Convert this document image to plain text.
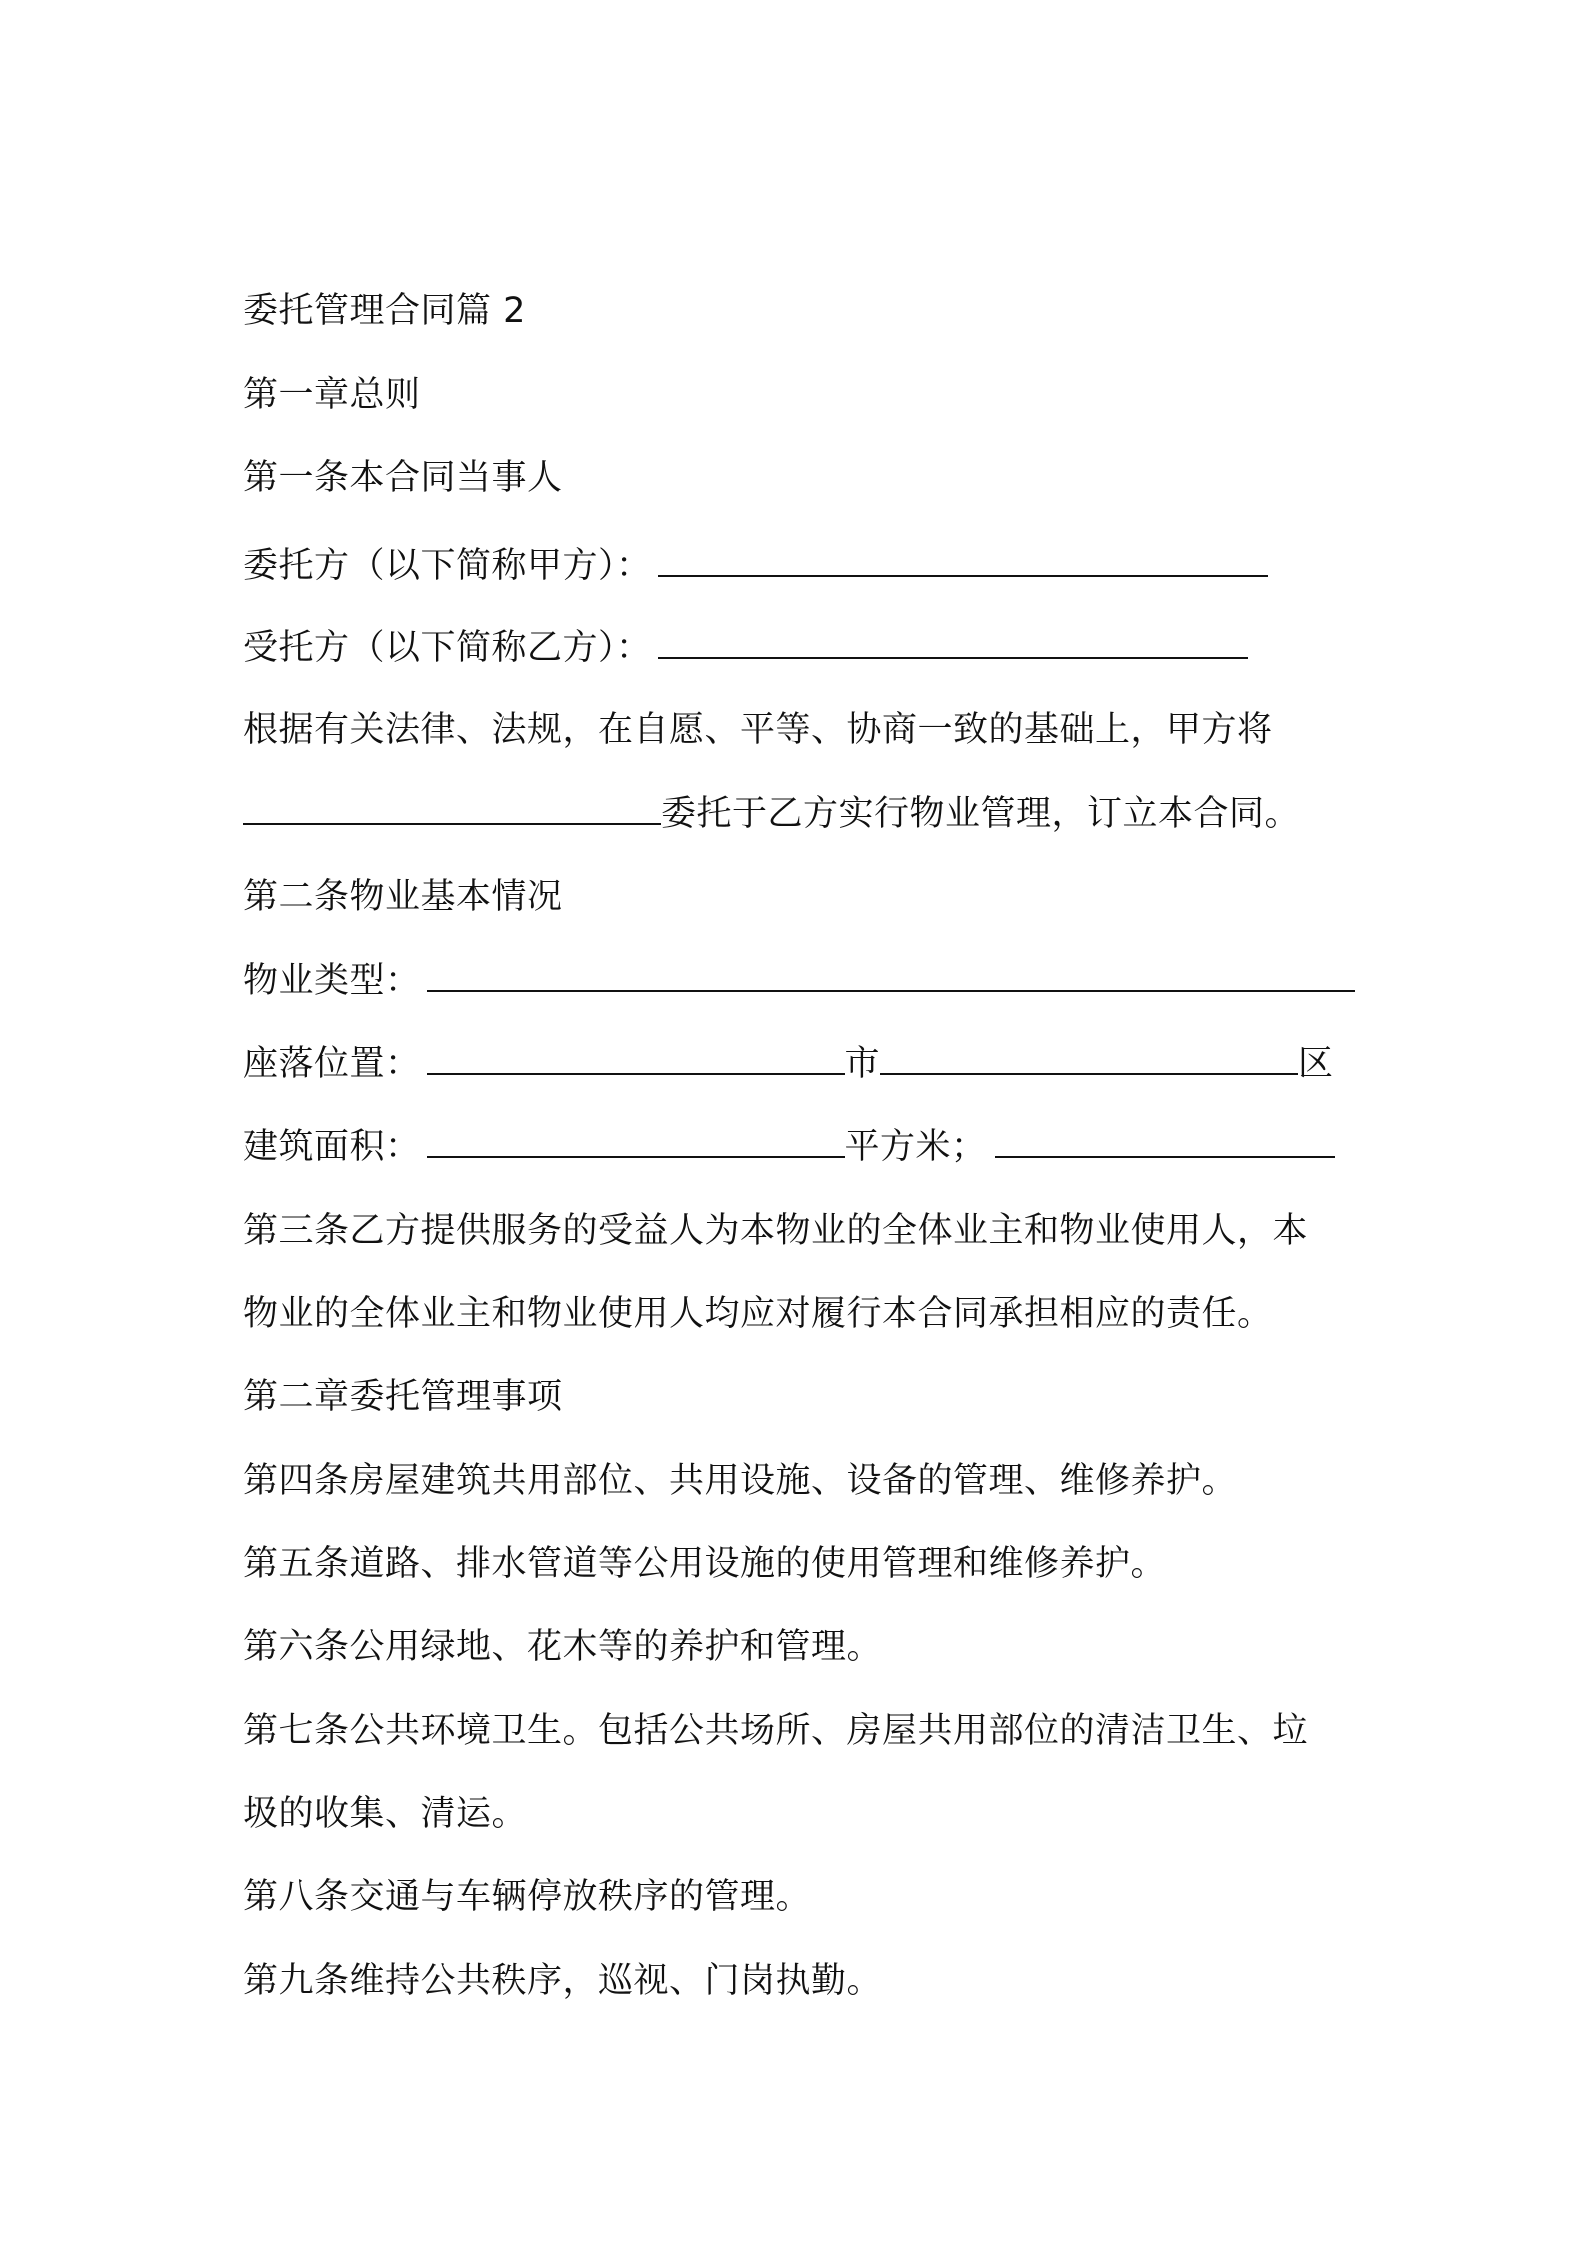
委托管理合同篇 2
第一章总则
第一条本合同当事人
委托方（以下简称甲方）：
受托方（以下简称乙方）：
根据有关法律、法规，在自愿、平等、协商一致的基础上，甲方将
委托于乙方实行物业管理，订立本合同。
第二条物业基本情况
物业类型：
座落位置：	市	区
建筑面积：	平方米；
第三条乙方提供服务的受益人为本物业的全体业主和物业使用人，本
物业的全体业主和物业使用人均应对履行本合同承担相应的责任。
第二章委托管理事项
第四条房屋建筑共用部位、共用设施、设备的管理、维修养护。
第五条道路、排水管道等公用设施的使用管理和维修养护。
第六条公用绿地、花木等的养护和管理。
第七条公共环境卫生。包括公共场所、房屋共用部位的清洁卫生、垃
圾的收集、清运。
第八条交通与车辆停放秩序的管理。
第九条维持公共秩序，巡视、门岗执勤。
